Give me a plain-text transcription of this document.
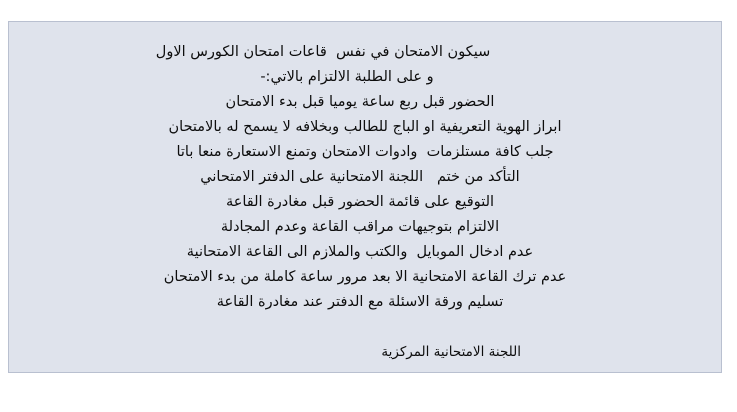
سيكون الامتحان في نفس  قاعات امتحان الكورس الاول
و على الطلبة الالتزام بالاتي:-
الحضور قبل ربع ساعة يوميا قبل بدء الامتحان
ابراز الهوية التعريفية او الباج للطالب وبخلافه لا يسمح له بالامتحان
جلب كافة مستلزمات  وادوات الامتحان وتمنع الاستعارة منعا باتا
التأكد من ختم   اللجنة الامتحانية على الدفتر الامتحاني
التوقيع على قائمة الحضور قبل مغادرة القاعة
الالتزام بتوجيهات مراقب القاعة وعدم المجادلة
عدم ادخال الموبايل  والكتب والملازم الى القاعة الامتحانية
عدم ترك القاعة الامتحانية الا بعد مرور ساعة كاملة من بدء الامتحان
تسليم ورقة الاسئلة مع الدفتر عند مغادرة القاعة
اللجنة الامتحانية المركزية
